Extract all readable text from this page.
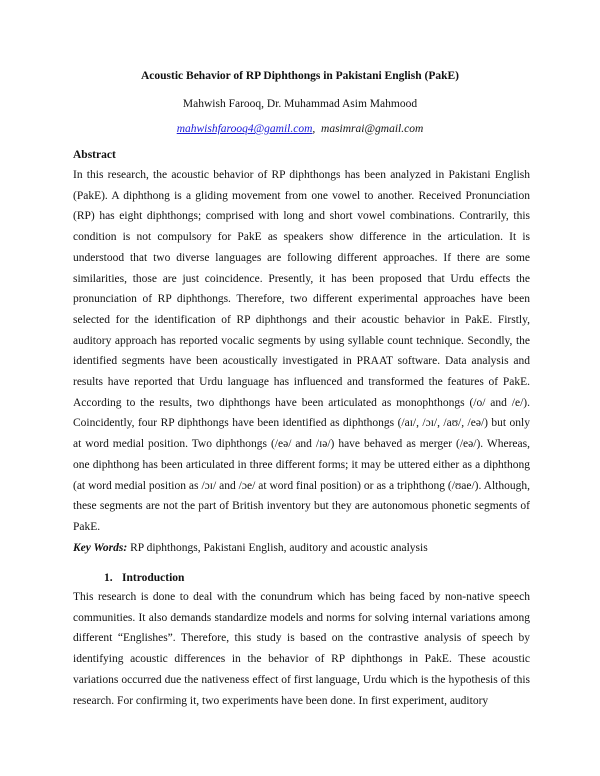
Acoustic Behavior of RP Diphthongs in Pakistani English (PakE)
Mahwish Farooq, Dr. Muhammad Asim Mahmood
mahwishfarooq4@gamil.com, masimrai@gmail.com
Abstract

In this research, the acoustic behavior of RP diphthongs has been analyzed in Pakistani English (PakE). A diphthong is a gliding movement from one vowel to another. Received Pronunciation (RP) has eight diphthongs; comprised with long and short vowel combinations. Contrarily, this condition is not compulsory for PakE as speakers show difference in the articulation. It is understood that two diverse languages are following different approaches. If there are some similarities, those are just coincidence. Presently, it has been proposed that Urdu effects the pronunciation of RP diphthongs. Therefore, two different experimental approaches have been selected for the identification of RP diphthongs and their acoustic behavior in PakE. Firstly, auditory approach has reported vocalic segments by using syllable count technique. Secondly, the identified segments have been acoustically investigated in PRAAT software. Data analysis and results have reported that Urdu language has influenced and transformed the features of PakE. According to the results, two diphthongs have been articulated as monophthongs (/o/ and /e/). Coincidently, four RP diphthongs have been identified as diphthongs (/aɪ/, /ɔɪ/, /aʊ/, /eə/) but only at word medial position. Two diphthongs (/eə/ and /ɪə/) have behaved as merger (/eə/). Whereas, one diphthong has been articulated in three different forms; it may be uttered either as a diphthong (at word medial position as /ɔɪ/ and /ɔe/ at word final position) or as a triphthong (/ʊae/). Although, these segments are not the part of British inventory but they are autonomous phonetic segments of PakE.

Key Words: RP diphthongs, Pakistani English, auditory and acoustic analysis

1. Introduction

This research is done to deal with the conundrum which has being faced by non-native speech communities. It also demands standardize models and norms for solving internal variations among different “Englishes”. Therefore, this study is based on the contrastive analysis of speech by identifying acoustic differences in the behavior of RP diphthongs in PakE. These acoustic variations occurred due the nativeness effect of first language, Urdu which is the hypothesis of this research. For confirming it, two experiments have been done. In first experiment, auditory
